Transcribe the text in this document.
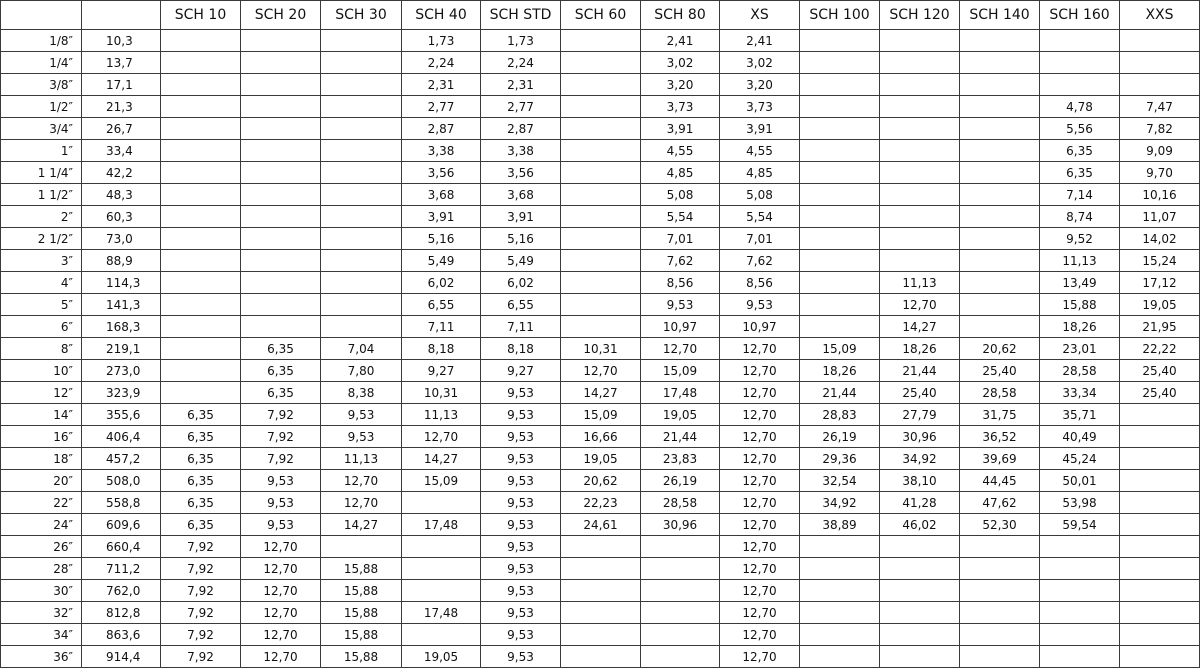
		SCH 10	SCH 20	SCH 30	SCH 40	SCH STD	SCH 60	SCH 80	XS	SCH 100	SCH 120	SCH 140	SCH 160	XXS
1/8″	10,3				1,73	1,73		2,41	2,41					
1/4″	13,7				2,24	2,24		3,02	3,02					
3/8″	17,1				2,31	2,31		3,20	3,20					
1/2″	21,3				2,77	2,77		3,73	3,73				4,78	7,47
3/4″	26,7				2,87	2,87		3,91	3,91				5,56	7,82
1″	33,4				3,38	3,38		4,55	4,55				6,35	9,09
1 1/4″	42,2				3,56	3,56		4,85	4,85				6,35	9,70
1 1/2″	48,3				3,68	3,68		5,08	5,08				7,14	10,16
2″	60,3				3,91	3,91		5,54	5,54				8,74	11,07
2 1/2″	73,0				5,16	5,16		7,01	7,01				9,52	14,02
3″	88,9				5,49	5,49		7,62	7,62				11,13	15,24
4″	114,3				6,02	6,02		8,56	8,56		11,13		13,49	17,12
5″	141,3				6,55	6,55		9,53	9,53		12,70		15,88	19,05
6″	168,3				7,11	7,11		10,97	10,97		14,27		18,26	21,95
8″	219,1		6,35	7,04	8,18	8,18	10,31	12,70	12,70	15,09	18,26	20,62	23,01	22,22
10″	273,0		6,35	7,80	9,27	9,27	12,70	15,09	12,70	18,26	21,44	25,40	28,58	25,40
12″	323,9		6,35	8,38	10,31	9,53	14,27	17,48	12,70	21,44	25,40	28,58	33,34	25,40
14″	355,6	6,35	7,92	9,53	11,13	9,53	15,09	19,05	12,70	28,83	27,79	31,75	35,71	
16″	406,4	6,35	7,92	9,53	12,70	9,53	16,66	21,44	12,70	26,19	30,96	36,52	40,49	
18″	457,2	6,35	7,92	11,13	14,27	9,53	19,05	23,83	12,70	29,36	34,92	39,69	45,24	
20″	508,0	6,35	9,53	12,70	15,09	9,53	20,62	26,19	12,70	32,54	38,10	44,45	50,01	
22″	558,8	6,35	9,53	12,70		9,53	22,23	28,58	12,70	34,92	41,28	47,62	53,98	
24″	609,6	6,35	9,53	14,27	17,48	9,53	24,61	30,96	12,70	38,89	46,02	52,30	59,54	
26″	660,4	7,92	12,70			9,53			12,70					
28″	711,2	7,92	12,70	15,88		9,53			12,70					
30″	762,0	7,92	12,70	15,88		9,53			12,70					
32″	812,8	7,92	12,70	15,88	17,48	9,53			12,70					
34″	863,6	7,92	12,70	15,88		9,53			12,70					
36″	914,4	7,92	12,70	15,88	19,05	9,53			12,70					
